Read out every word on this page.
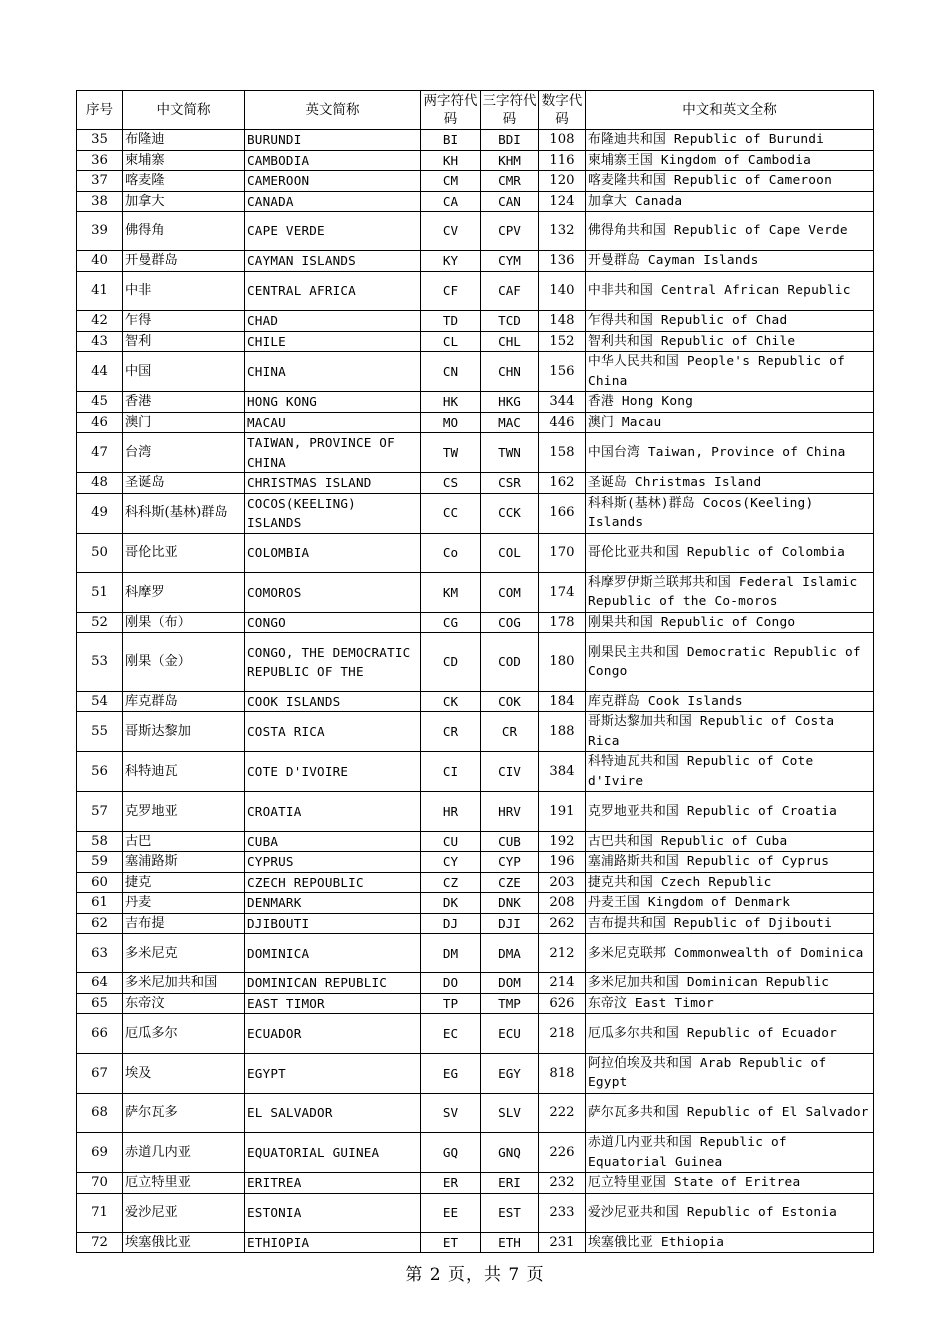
序号	中文简称	英文简称	两字符代码	三字符代码	数字代码	中文和英文全称
35	布隆迪	BURUNDI	BI	BDI	108	布隆迪共和国 Republic of Burundi
36	柬埔寨	CAMBODIA	KH	KHM	116	柬埔寨王国 Kingdom of Cambodia
37	喀麦隆	CAMEROON	CM	CMR	120	喀麦隆共和国 Republic of Cameroon
38	加拿大	CANADA	CA	CAN	124	加拿大 Canada
39	佛得角	CAPE VERDE	CV	CPV	132	佛得角共和国 Republic of Cape Verde
40	开曼群岛	CAYMAN ISLANDS	KY	CYM	136	开曼群岛 Cayman Islands
41	中非	CENTRAL AFRICA	CF	CAF	140	中非共和国 Central African Republic
42	乍得	CHAD	TD	TCD	148	乍得共和国 Republic of Chad
43	智利	CHILE	CL	CHL	152	智利共和国 Republic of Chile
44	中国	CHINA	CN	CHN	156	中华人民共和国 People's Republic of China
45	香港	HONG KONG	HK	HKG	344	香港 Hong Kong
46	澳门	MACAU	MO	MAC	446	澳门 Macau
47	台湾	TAIWAN, PROVINCE OF CHINA	TW	TWN	158	中国台湾 Taiwan, Province of China
48	圣诞岛	CHRISTMAS ISLAND	CS	CSR	162	圣诞岛 Christmas Island
49	科科斯(基林)群岛	COCOS(KEELING) ISLANDS	CC	CCK	166	科科斯(基林)群岛 Cocos(Keeling) Islands
50	哥伦比亚	COLOMBIA	Co	COL	170	哥伦比亚共和国 Republic of Colombia
51	科摩罗	COMOROS	KM	COM	174	科摩罗伊斯兰联邦共和国 Federal Islamic Republic of the Co-moros
52	刚果（布）	CONGO	CG	COG	178	刚果共和国 Republic of Congo
53	刚果（金）	CONGO, THE DEMOCRATIC REPUBLIC OF THE	CD	COD	180	刚果民主共和国 Democratic Republic of Congo
54	库克群岛	COOK ISLANDS	CK	COK	184	库克群岛 Cook Islands
55	哥斯达黎加	COSTA RICA	CR	CR	188	哥斯达黎加共和国 Republic of Costa Rica
56	科特迪瓦	COTE D'IVOIRE	CI	CIV	384	科特迪瓦共和国 Republic of Cote d'Ivire
57	克罗地亚	CROATIA	HR	HRV	191	克罗地亚共和国 Republic of Croatia
58	古巴	CUBA	CU	CUB	192	古巴共和国 Republic of Cuba
59	塞浦路斯	CYPRUS	CY	CYP	196	塞浦路斯共和国 Republic of Cyprus
60	捷克	CZECH REPOUBLIC	CZ	CZE	203	捷克共和国 Czech Republic
61	丹麦	DENMARK	DK	DNK	208	丹麦王国 Kingdom of Denmark
62	吉布提	DJIBOUTI	DJ	DJI	262	吉布提共和国 Republic of Djibouti
63	多米尼克	DOMINICA	DM	DMA	212	多米尼克联邦 Commonwealth of Dominica
64	多米尼加共和国	DOMINICAN REPUBLIC	DO	DOM	214	多米尼加共和国 Dominican Republic
65	东帝汶	EAST TIMOR	TP	TMP	626	东帝汶 East Timor
66	厄瓜多尔	ECUADOR	EC	ECU	218	厄瓜多尔共和国 Republic of Ecuador
67	埃及	EGYPT	EG	EGY	818	阿拉伯埃及共和国 Arab Republic of Egypt
68	萨尔瓦多	EL SALVADOR	SV	SLV	222	萨尔瓦多共和国 Republic of El Salvador
69	赤道几内亚	EQUATORIAL GUINEA	GQ	GNQ	226	赤道几内亚共和国 Republic of Equatorial Guinea
70	厄立特里亚	ERITREA	ER	ERI	232	厄立特里亚国 State of Eritrea
71	爱沙尼亚	ESTONIA	EE	EST	233	爱沙尼亚共和国 Republic of Estonia
72	埃塞俄比亚	ETHIOPIA	ET	ETH	231	埃塞俄比亚 Ethiopia
第 2 页，共 7 页
